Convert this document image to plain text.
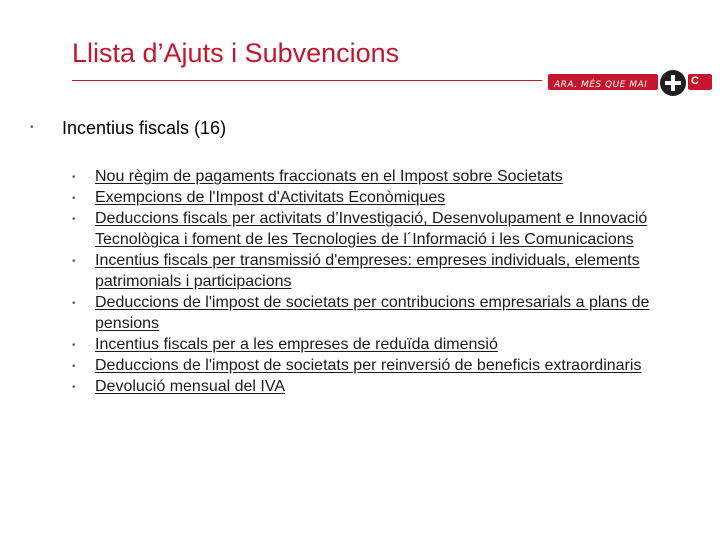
Llista d’Ajuts i Subvencions
ARA. MÉS QUE MAI	C
• Incentius fiscals (16)
• Nou règim de pagaments fraccionats en el Impost sobre Societats
• Exempcions de l'Impost d'Activitats Econòmiques
• Deduccions fiscals per activitats d’Investigació, Desenvolupament e Innovació Tecnològica i foment de les Tecnologies de l´Informació i les Comunicacions
• Incentius fiscals per transmissió d'empreses: empreses individuals, elements patrimonials i participacions
• Deduccions de l'impost de societats per contribucions empresarials a plans de pensions
• Incentius fiscals per a les empreses de reduïda dimensió
• Deduccions de l'impost de societats per reinversió de beneficis extraordinaris
• Devolució mensual del IVA
